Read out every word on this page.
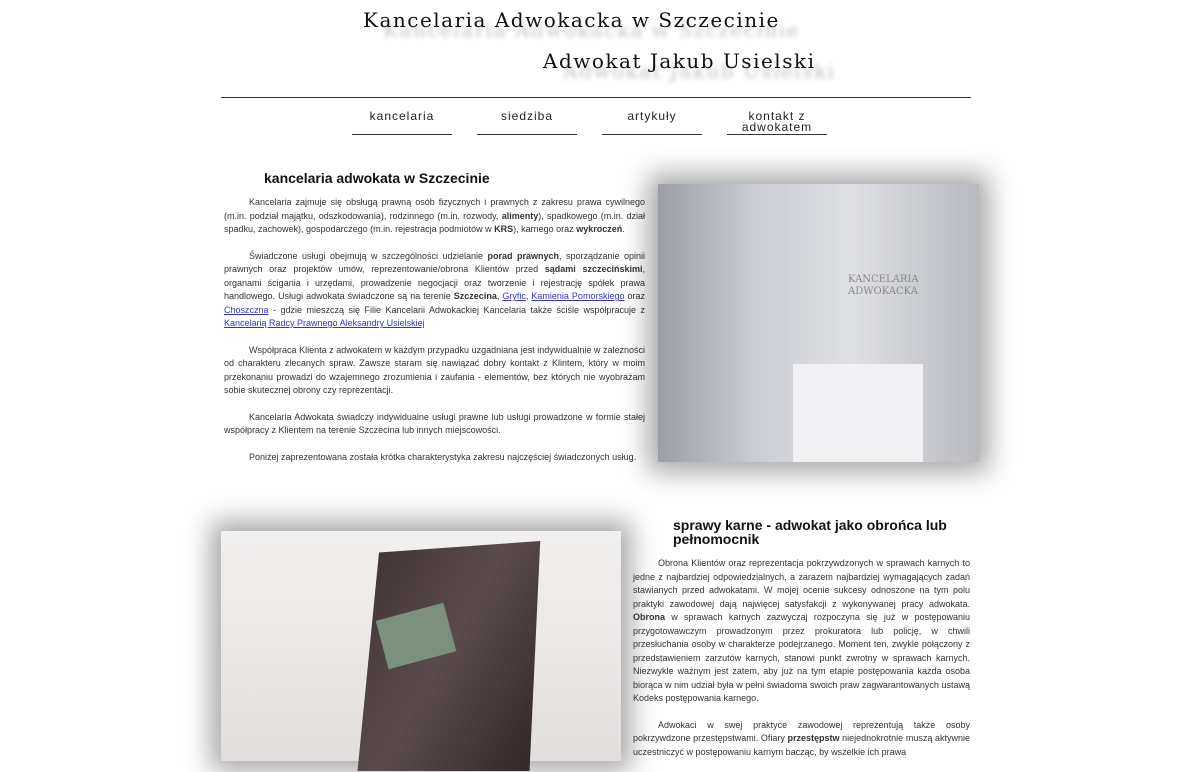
Kancelaria Adwokacka w Szczecinie
Adwokat Jakub Usielski
kancelaria	siedziba	artykuły	kontakt z adwokatem
kancelaria adwokata w Szczecinie

Kancelaria zajmuje się obsługą prawną osób fizycznych i prawnych z zakresu prawa cywilnego (m.in. podział majątku, odszkodowania), rodzinnego (m.in. rozwody, alimenty), spadkowego (m.in. dział spadku, zachowek), gospodarczego (m.in. rejestracja podmiotów w KRS), karnego oraz wykroczeń.

Świadczone usługi obejmują w szczególności udzielanie porad prawnych, sporządzanie opinii prawnych oraz projektów umów, reprezentowanie/obrona Klientów przed sądami szczecińskimi, organami ścigania i urzędami, prowadzenie negocjacji oraz tworzenie i rejestrację spółek prawa handlowego. Usługi adwokata świadczone są na terenie Szczecina, Gryfic, Kamienia Pomorskiego oraz Choszczna - gdzie mieszczą się Filie Kancelarii Adwokackiej Kancelaria także ściśle współpracuje z Kancelarią Radcy Prawnego Aleksandry Usielskiej

Współpraca Klienta z adwokatem w każdym przypadku uzgadniana jest indywidualnie w zależności od charakteru zlecanych spraw. Zawsze staram się nawiązać dobry kontakt z Klintem, który w moim przekonaniu prowadzi do wzajemnego zrozumienia i zaufania - elementów, bez których nie wyobrażam sobie skutecznej obrony czy reprezentacji.

Kancelaria Adwokata świadczy indywidualne usługi prawne lub usługi prowadzone w formie stałej współpracy z Klientem na terenie Szczecina lub innych miejscowości.

Poniżej zaprezentowana została krótka charakterystyka zakresu najczęściej świadczonych usług.

KANCELARIA ADWOKACKA
sprawy karne - adwokat jako obrońca lub pełnomocnik

Obrona Klientów oraz reprezentacja pokrzywdzonych w sprawach karnych to jedne z najbardziej odpowiedzialnych, a zarazem najbardziej wymagających zadań stawianych przed adwokatami. W mojej ocenie sukcesy odnoszone na tym polu praktyki zawodowej dają najwięcej satysfakcji z wykonywanej pracy adwokata. Obrona w sprawach karnych zazwyczaj rozpoczyna się już w postępowaniu przygotowawczym prowadzonym przez prokuratora lub policję, w chwili przesłuchania osoby w charakterze podejrzanego. Moment ten, zwykle połączony z przedstawieniem zarzutów karnych, stanowi punkt zwrotny w sprawach karnych. Niezwykle ważnym jest zatem, aby już na tym etapie postępowania każda osoba biorąca w nim udział była w pełni świadoma swoich praw zagwarantowanych ustawą Kodeks postępowania karnego.

Adwokaci w swej praktyce zawodowej reprezentują także osoby pokrzywdzone przestępstwami. Ofiary przestępstw niejednokrotnie muszą aktywnie uczestniczyć w postępowaniu karnym bacząc, by wszelkie ich prawa
